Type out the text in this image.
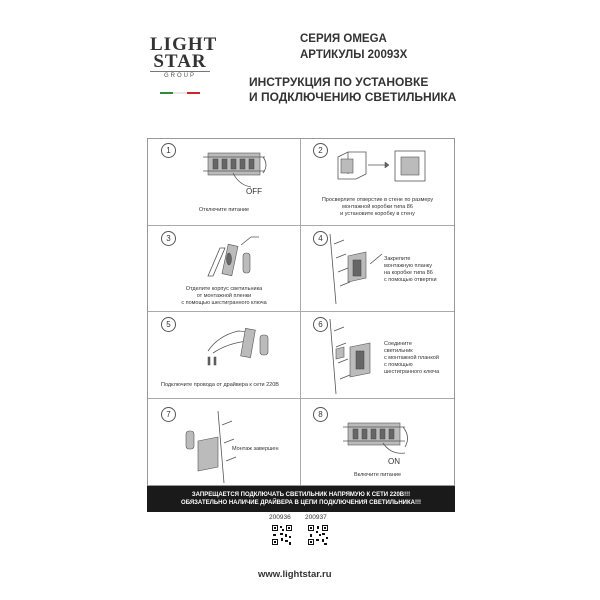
LIGHT
STAR
GROUP
СЕРИЯ OMEGA
АРТИКУЛЫ 20093X
ИНСТРУКЦИЯ ПО УСТАНОВКЕ
И ПОДКЛЮЧЕНИЮ СВЕТИЛЬНИКА
1
OFF
Отключите питание
2
Просверлите отверстие в стене по размеру
монтажной коробки типа 86
и установите коробку в стену
3
Отделите корпус светильника
от монтажной пленки
с помощью шестигранного ключа
4
Закрепите
монтажную планку
на коробке типа 86
с помощью отвертки
5
Подключите провода от драйвера к сети 220В
6
Соедините
светильник
с монтажной планкой
с помощью
шестигранного ключа
7
Монтаж завершен
8
ON
Включите питание
ЗАПРЕЩАЕТСЯ ПОДКЛЮЧАТЬ СВЕТИЛЬНИК НАПРЯМУЮ К СЕТИ 220В!!!
ОБЯЗАТЕЛЬНО НАЛИЧИЕ ДРАЙВЕРА В ЦЕПИ ПОДКЛЮЧЕНИЯ СВЕТИЛЬНИКА!!!
200936 200937
www.lightstar.ru
